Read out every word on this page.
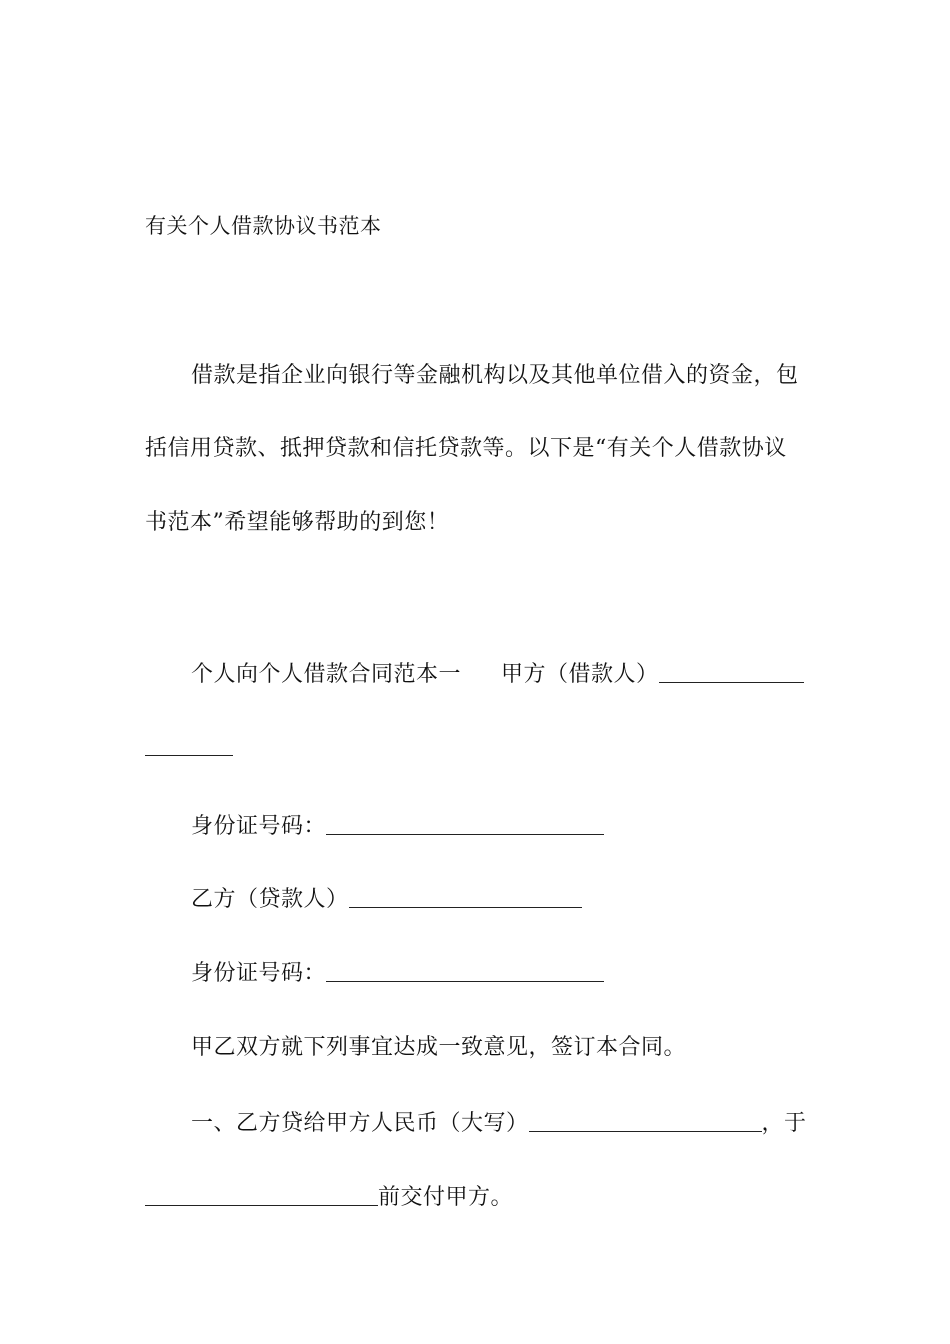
有关个人借款协议书范本
借款是指企业向银行等金融机构以及其他单位借入的资金，包
括信用贷款、抵押贷款和信托贷款等。以下是“有关个人借款协议
书范本”希望能够帮助的到您！
个人向个人借款合同范本一 甲方（借款人）
身份证号码：
乙方（贷款人）
身份证号码：
甲乙双方就下列事宜达成一致意见，签订本合同。
一、乙方贷给甲方人民币（大写）	，于
前交付甲方。
